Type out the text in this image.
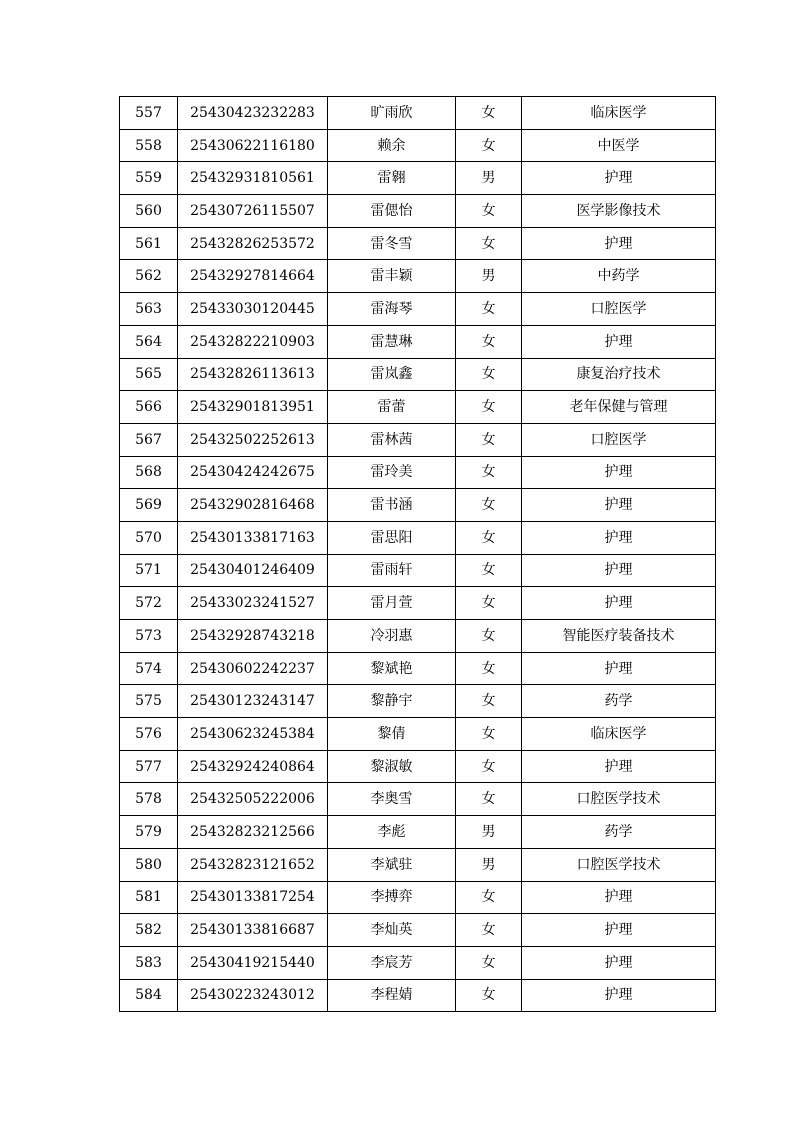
557	25430423232283	旷雨欣	女	临床医学
558	25430622116180	赖余	女	中医学
559	25432931810561	雷翱	男	护理
560	25430726115507	雷偲怡	女	医学影像技术
561	25432826253572	雷冬雪	女	护理
562	25432927814664	雷丰颖	男	中药学
563	25433030120445	雷海琴	女	口腔医学
564	25432822210903	雷慧琳	女	护理
565	25432826113613	雷岚鑫	女	康复治疗技术
566	25432901813951	雷蕾	女	老年保健与管理
567	25432502252613	雷林茜	女	口腔医学
568	25430424242675	雷玲美	女	护理
569	25432902816468	雷书涵	女	护理
570	25430133817163	雷思阳	女	护理
571	25430401246409	雷雨轩	女	护理
572	25433023241527	雷月萱	女	护理
573	25432928743218	冷羽惠	女	智能医疗装备技术
574	25430602242237	黎斌艳	女	护理
575	25430123243147	黎静宇	女	药学
576	25430623245384	黎倩	女	临床医学
577	25432924240864	黎淑敏	女	护理
578	25432505222006	李奥雪	女	口腔医学技术
579	25432823212566	李彪	男	药学
580	25432823121652	李斌驻	男	口腔医学技术
581	25430133817254	李搏弈	女	护理
582	25430133816687	李灿英	女	护理
583	25430419215440	李宸芳	女	护理
584	25430223243012	李程婧	女	护理
